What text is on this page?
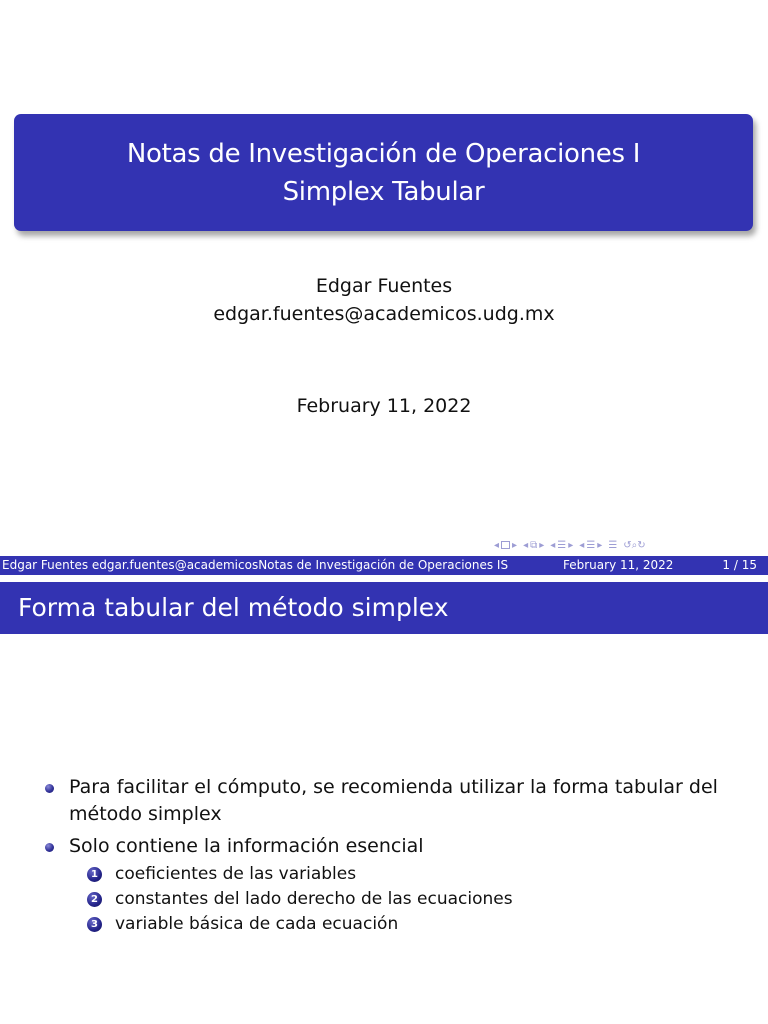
Notas de Investigación de Operaciones I
Simplex Tabular
Edgar Fuentes
edgar.fuentes@academicos.udg.mx
February 11, 2022
◂ ▸ ◂ ⧉ ▸ ◂ ☰ ▸ ◂ ☰ ▸ ☰ ↺⌕↻
Edgar Fuentes edgar.fuentes@academicosNotas de Investigación de Operaciones IS	February 11, 2022	1 / 15
Forma tabular del método simplex
Para facilitar el cómputo, se recomienda utilizar la forma tabular del método simplex
Solo contiene la información esencial
1 coeficientes de las variables
2 constantes del lado derecho de las ecuaciones
3 variable básica de cada ecuación
